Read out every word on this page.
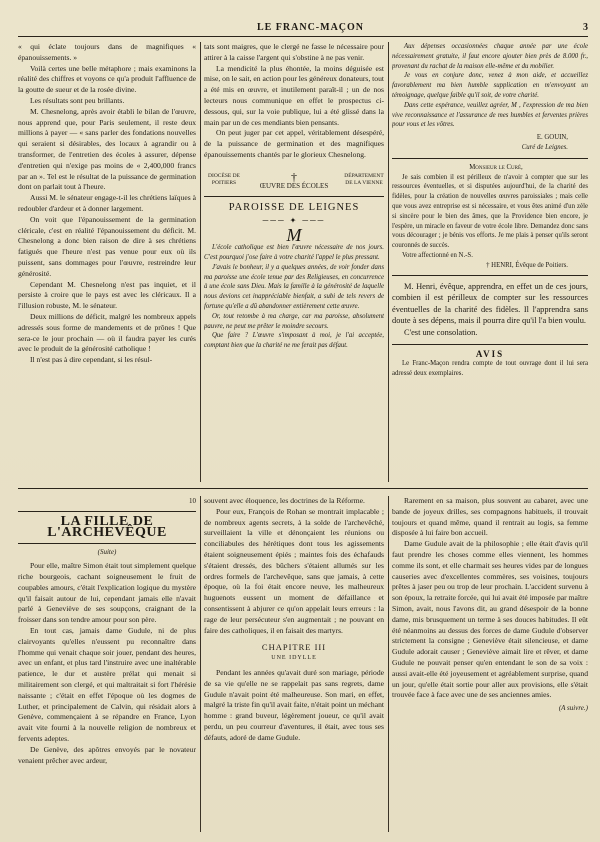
LE FRANC-MAÇON	3

« qui éclate toujours dans de magnifiques « épanouissements. »

Voilà certes une belle métaphore ; mais examinons la réalité des chiffres et voyons ce qu'a produit l'affluence de la goutte de sueur et de la rosée divine.

Les résultats sont peu brillants.

M. Chesnelong, après avoir établi le bilan de l'œuvre, nous apprend que, pour Paris seulement, il reste deux millions à payer — « sans parler des fondations nouvelles qui seraient si désirables, des locaux à agrandir ou à transformer, de l'entretien des écoles à assurer, dépense d'entretien qui n'exige pas moins de « 2,400,000 francs par an ». Tel est le résultat de la puissance de germination dont on parlait tout à l'heure.

Aussi M. le sénateur engage-t-il les chrétiens laïques à redoubler d'ardeur et à donner largement.

On voit que l'épanouissement de la germination cléricale, c'est en réalité l'épanouissement du déficit. M. Chesnelong a donc bien raison de dire à ses chrétiens fatigués que l'heure n'est pas venue pour eux où ils puissent, sans dommages pour l'œuvre, restreindre leur générosité.

Cependant M. Chesnelong n'est pas inquiet, et il persiste à croire que le pays est avec les cléricaux. Il a l'illusion robuste, M. le sénateur.

Deux millions de déficit, malgré les nombreux appels adressés sous forme de mandements et de prônes ! Que sera-ce le jour prochain — où il faudra payer les curés avec le produit de la générosité catholique !

Il n'est pas à dire cependant, si les résul-

tats sont maigres, que le clergé ne fasse le nécessaire pour attirer à la caisse l'argent qui s'obstine à ne pas venir.

La mendicité la plus éhontée, la moins déguisée est mise, on le sait, en action pour les généreux donateurs, tout a été mis en œuvre, et inutilement paraît-il ; un de nos lecteurs nous communique en effet le prospectus ci-dessous, qui, sur la voie publique, lui a été glissé dans la main par un de ces mendiants bien pensants.

On peut juger par cet appel, véritablement désespéré, de la puissance de germination et des magnifiques épanouissements chantés par le glorieux Chesnelong.

DIOCÈSE DE POITIERS	†
ŒUVRE DES ÉCOLES
DÉPARTEMENT DE LA VIENNE
PAROISSE DE LEIGNES
─── ✦ ───
M

L'école catholique est bien l'œuvre nécessaire de nos jours. C'est pourquoi j'ose faire à votre charité l'appel le plus pressant.

J'avais le bonheur, il y a quelques années, de voir fonder dans ma paroisse une école tenue par des Religieuses, en concurrence à une école sans Dieu. Mais la famille à la générosité de laquelle nous devions cet inappréciable bienfait, a subi de tels revers de fortune qu'elle a dû abandonner entièrement cette œuvre.

Or, tout retombe à ma charge, car ma paroisse, absolument pauvre, ne peut me prêter le moindre secours.

Que faire ? L'œuvre s'imposant à moi, je l'ai acceptée, comptant bien que la charité ne me ferait pas défaut.

Aux dépenses occasionnées chaque année par une école nécessairement gratuite, il faut encore ajouter bien près de 8.000 fr., provenant du rachat de la maison elle-même et du mobilier.

Je vous en conjure donc, venez à mon aide, et accueillez favorablement ma bien humble supplication en m'envoyant un témoignage, quelque faible qu'il soit, de votre charité.

Dans cette espérance, veuillez agréer, M , l'expression de ma bien vive reconnaissance et l'assurance de mes humbles et ferventes prières pour vous et les vôtres.

E. GOUIN,

Curé de Leignes.

Monsieur le Curé,

Je sais combien il est périlleux de n'avoir à compter que sur les ressources éventuelles, et si disputées aujourd'hui, de la charité des fidèles, pour la création de nouvelles œuvres paroissiales ; mais celle que vous avez entreprise est si nécessaire, et vous êtes animé d'un zèle si sincère pour le bien des âmes, que la Providence bien encore, je l'espère, un miracle en faveur de votre école libre. Demandez donc sans vous décourager ; je bénis vos efforts. Je me plais à penser qu'ils seront couronnés de succès.

Votre affectionné en N.-S.

† HENRI, Évêque de Poitiers.

M. Henri, évêque, apprendra, en effet un de ces jours, combien il est périlleux de compter sur les ressources éventuelles de la charité des fidèles. Il l'apprendra sans doute à ses dépens, mais il pourra dire qu'il l'a bien voulu.

C'est une consolation.

AVIS

Le Franc-Maçon rendra compte de tout ouvrage dont il lui sera adressé deux exemplaires.

10
LA FILLE DE L'ARCHEVÊQUE
(Suite)

Pour elle, maître Simon était tout simplement quelque riche bourgeois, cachant soigneusement le fruit de coupables amours, c'était l'explication logique du mystère qu'il faisait autour de lui, cependant jamais elle n'avait parlé à Geneviève de ses soupçons, craignant de la froisser dans son tendre amour pour son père.

En tout cas, jamais dame Gudule, ni de plus clairvoyants qu'elles n'eussent pu reconnaître dans l'homme qui venait chaque soir jouer, pendant des heures, avec un enfant, et plus tard l'instruire avec une inaltérable patience, le dur et austère prélat qui menait si militairement son clergé, et qui maltraitait si fort l'hérésie naissante ; c'était en effet l'époque où les dogmes de Luther, et principalement de Calvin, qui résidait alors à Genève, commençaient à se répandre en France, Lyon avait vite fourni à la nouvelle religion de nombreux et fervents adeptes.

De Genève, des apôtres envoyés par le novateur venaient prêcher avec ardeur,

souvent avec éloquence, les doctrines de la Réforme.

Pour eux, François de Rohan se montrait implacable ; de nombreux agents secrets, à la solde de l'archevêché, surveillaient la ville et dénonçaient les réunions ou conciliabules des hérétiques dont tous les agissements étaient soigneusement épiés ; maintes fois des échafauds s'étaient dressés, des bûchers s'étaient allumés sur les ordres formels de l'archevêque, sans que jamais, à cette époque, où la foi était encore neuve, les malheureux huguenots eussent un moment de défaillance et consentissent à abjurer ce qu'on appelait leurs erreurs : la rage de leur persécuteur s'en augmentait ; ne pouvant en faire des catholiques, il en faisait des martyrs.

CHAPITRE III
UNE IDYLLE

Pendant les années qu'avait duré son mariage, période de sa vie qu'elle ne se rappelait pas sans regrets, dame Gudule n'avait point été malheureuse. Son mari, en effet, malgré la triste fin qu'il avait faite, n'était point un méchant homme : grand buveur, légèrement joueur, ce qu'il avait perdu, un peu courreur d'aventures, il était, avec tous ses défauts, adoré de dame Gudule.

Rarement en sa maison, plus souvent au cabaret, avec une bande de joyeux drilles, ses compagnons habituels, il trouvait toujours et quand même, quand il rentrait au logis, sa femme disposée à lui faire bon accueil.

Dame Gudule avait de la philosophie ; elle était d'avis qu'il faut prendre les choses comme elles viennent, les hommes comme ils sont, et elle charmait ses heures vides par de longues causeries avec d'excellentes commères, ses voisines, toujours prêtes à jaser peu ou trop de leur prochain. L'accident survenu à son époux, la retraite forcée, qui lui avait été imposée par maître Simon, avait, nous l'avons dit, au grand désespoir de la bonne dame, mis brusquement un terme à ses douces habitudes. Il eût été néanmoins au dessus des forces de dame Gudule d'observer strictement la consigne ; Geneviève était silencieuse, et dame Gudule adorait causer ; Geneviève aimait lire et rêver, et dame Gudule ne pouvait penser qu'en entendant le son de sa voix : aussi avait-elle été joyeusement et agréablement surprise, quand un jour, qu'elle était sortie pour aller aux provisions, elle s'était trouvée face à face avec une de ses anciennes amies.

(A suivre.)
